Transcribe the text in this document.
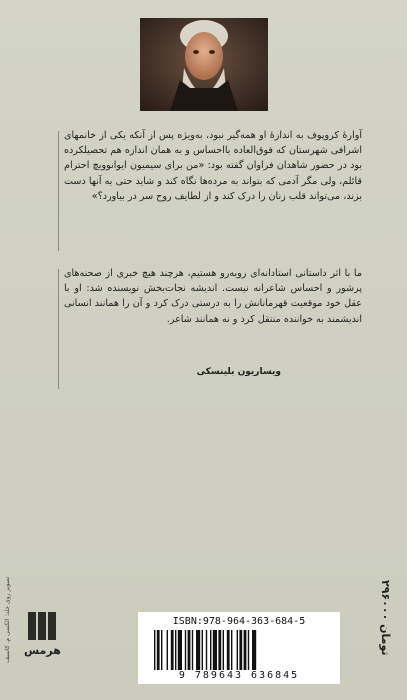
آوارهٔ کروپوف به اندازهٔ او همه‌گیر نبود، به‌ویژه پس از آنکه یکی از خانمهای اشرافی شهرستان که فوق‌العاده بااحساس و به همان اندازه هم تحصیلکرده بود در حضور شاهدان فراوان گفته بود: «من برای سیمیون ایوانوویچ احترام قائلم، ولی مگر آدمی که بتواند به مرده‌ها نگاه کند و شاید حتی به آنها دست بزند، می‌تواند قلب زنان را درک کند و از لطایف روح سر در بیاورد؟»
ما با اثر داستانی استادانه‌ای روبه‌رو هستیم، هرچند هیچ خبری از صحنه‌های پرشور و احساس شاعرانه نیست. اندیشه نجات‌بخش نویسنده شد: او با عقل خود موقعیت قهرمانانش را به درستی درک کرد و آن را همانند انسانی اندیشمند به خواننده منتقل کرد و نه همانند شاعر.
ویساریون بلینسکی
تصویر روی جلد: الکسی م. کاسیف	هرمس
ISBN:978-964-363-684-5
9 789643 636845
۲۹۶۰۰۰ تومان
